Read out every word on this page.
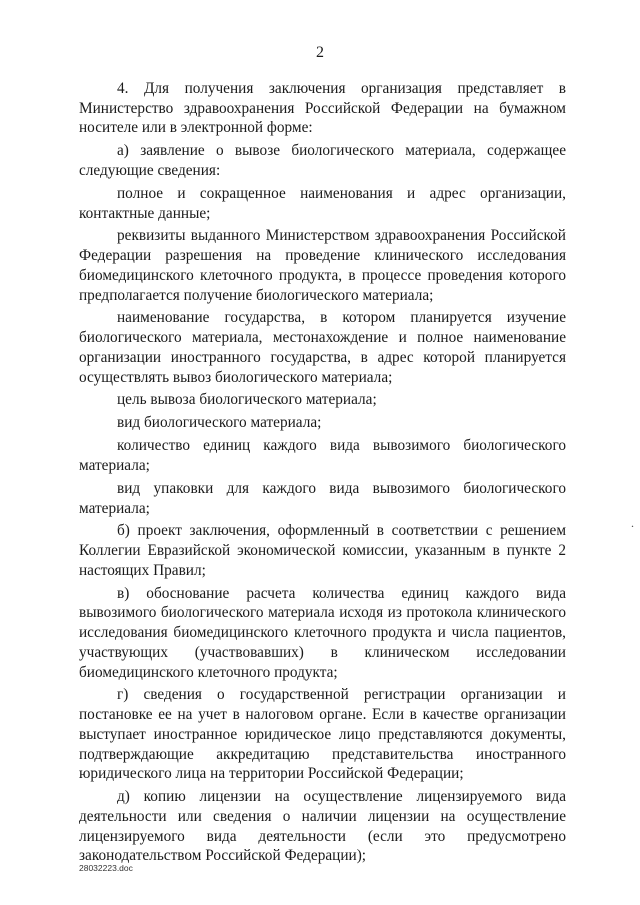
2

4. Для получения заключения организация представляет в Министерство здравоохранения Российской Федерации на бумажном носителе или в электронной форме:

а) заявление о вывозе биологического материала, содержащее следующие сведения:

полное и сокращенное наименования и адрес организации, контактные данные;

реквизиты выданного Министерством здравоохранения Российской Федерации разрешения на проведение клинического исследования биомедицинского клеточного продукта, в процессе проведения которого предполагается получение биологического материала;

наименование государства, в котором планируется изучение биологического материала, местонахождение и полное наименование организации иностранного государства, в адрес которой планируется осуществлять вывоз биологического материала;

цель вывоза биологического материала;

вид биологического материала;

количество единиц каждого вида вывозимого биологического материала;

вид упаковки для каждого вида вывозимого биологического материала;

б) проект заключения, оформленный в соответствии с решением Коллегии Евразийской экономической комиссии, указанным в пункте 2 настоящих Правил;

в) обоснование расчета количества единиц каждого вида вывозимого биологического материала исходя из протокола клинического исследования биомедицинского клеточного продукта и числа пациентов, участвующих (участвовавших) в клиническом исследовании биомедицинского клеточного продукта;

г) сведения о государственной регистрации организации и постановке ее на учет в налоговом органе. Если в качестве организации выступает иностранное юридическое лицо представляются документы, подтверждающие аккредитацию представительства иностранного юридического лица на территории Российской Федерации;

д) копию лицензии на осуществление лицензируемого вида деятельности или сведения о наличии лицензии на осуществление лицензируемого вида деятельности (если это предусмотрено законодательством Российской Федерации);

.
28032223.doc
